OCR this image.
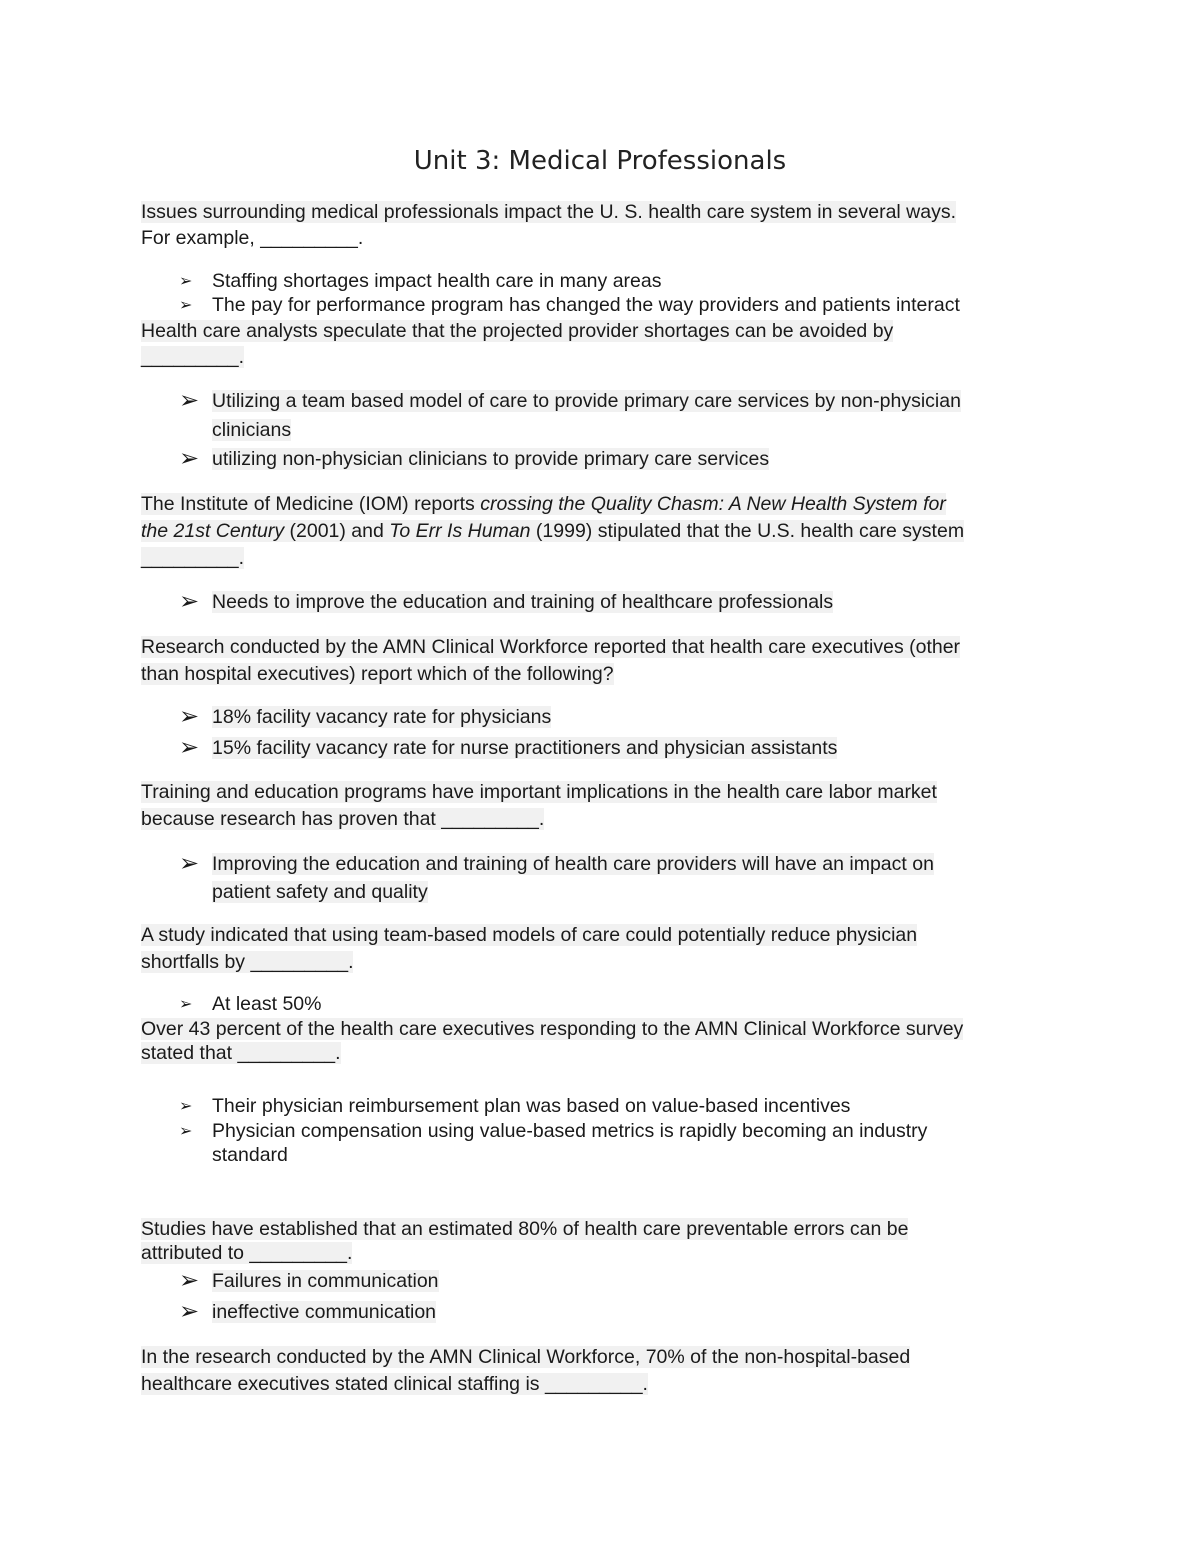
Unit 3: Medical Professionals
Issues surrounding medical professionals impact the U. S. health care system in several ways.
For example, _________.
➢	Staffing shortages impact health care in many areas
➢	The pay for performance program has changed the way providers and patients interact
Health care analysts speculate that the projected provider shortages can be avoided by
_________.
➢ Utilizing a team based model of care to provide primary care services by non-physician
clinicians
➢ utilizing non-physician clinicians to provide primary care services
The Institute of Medicine (IOM) reports crossing the Quality Chasm: A New Health System for
the 21st Century (2001) and To Err Is Human (1999) stipulated that the U.S. health care system
_________.
➢ Needs to improve the education and training of healthcare professionals
Research conducted by the AMN Clinical Workforce reported that health care executives (other
than hospital executives) report which of the following?
➢ 18% facility vacancy rate for physicians
➢ 15% facility vacancy rate for nurse practitioners and physician assistants
Training and education programs have important implications in the health care labor market
because research has proven that _________.
➢ Improving the education and training of health care providers will have an impact on
patient safety and quality
A study indicated that using team-based models of care could potentially reduce physician
shortfalls by _________.
➢	At least 50%
Over 43 percent of the health care executives responding to the AMN Clinical Workforce survey
stated that _________.
➢	Their physician reimbursement plan was based on value-based incentives
➢	Physician compensation using value-based metrics is rapidly becoming an industry
standard
Studies have established that an estimated 80% of health care preventable errors can be
attributed to _________.
➢ Failures in communication
➢ ineffective communication
In the research conducted by the AMN Clinical Workforce, 70% of the non-hospital-based
healthcare executives stated clinical staffing is _________.
